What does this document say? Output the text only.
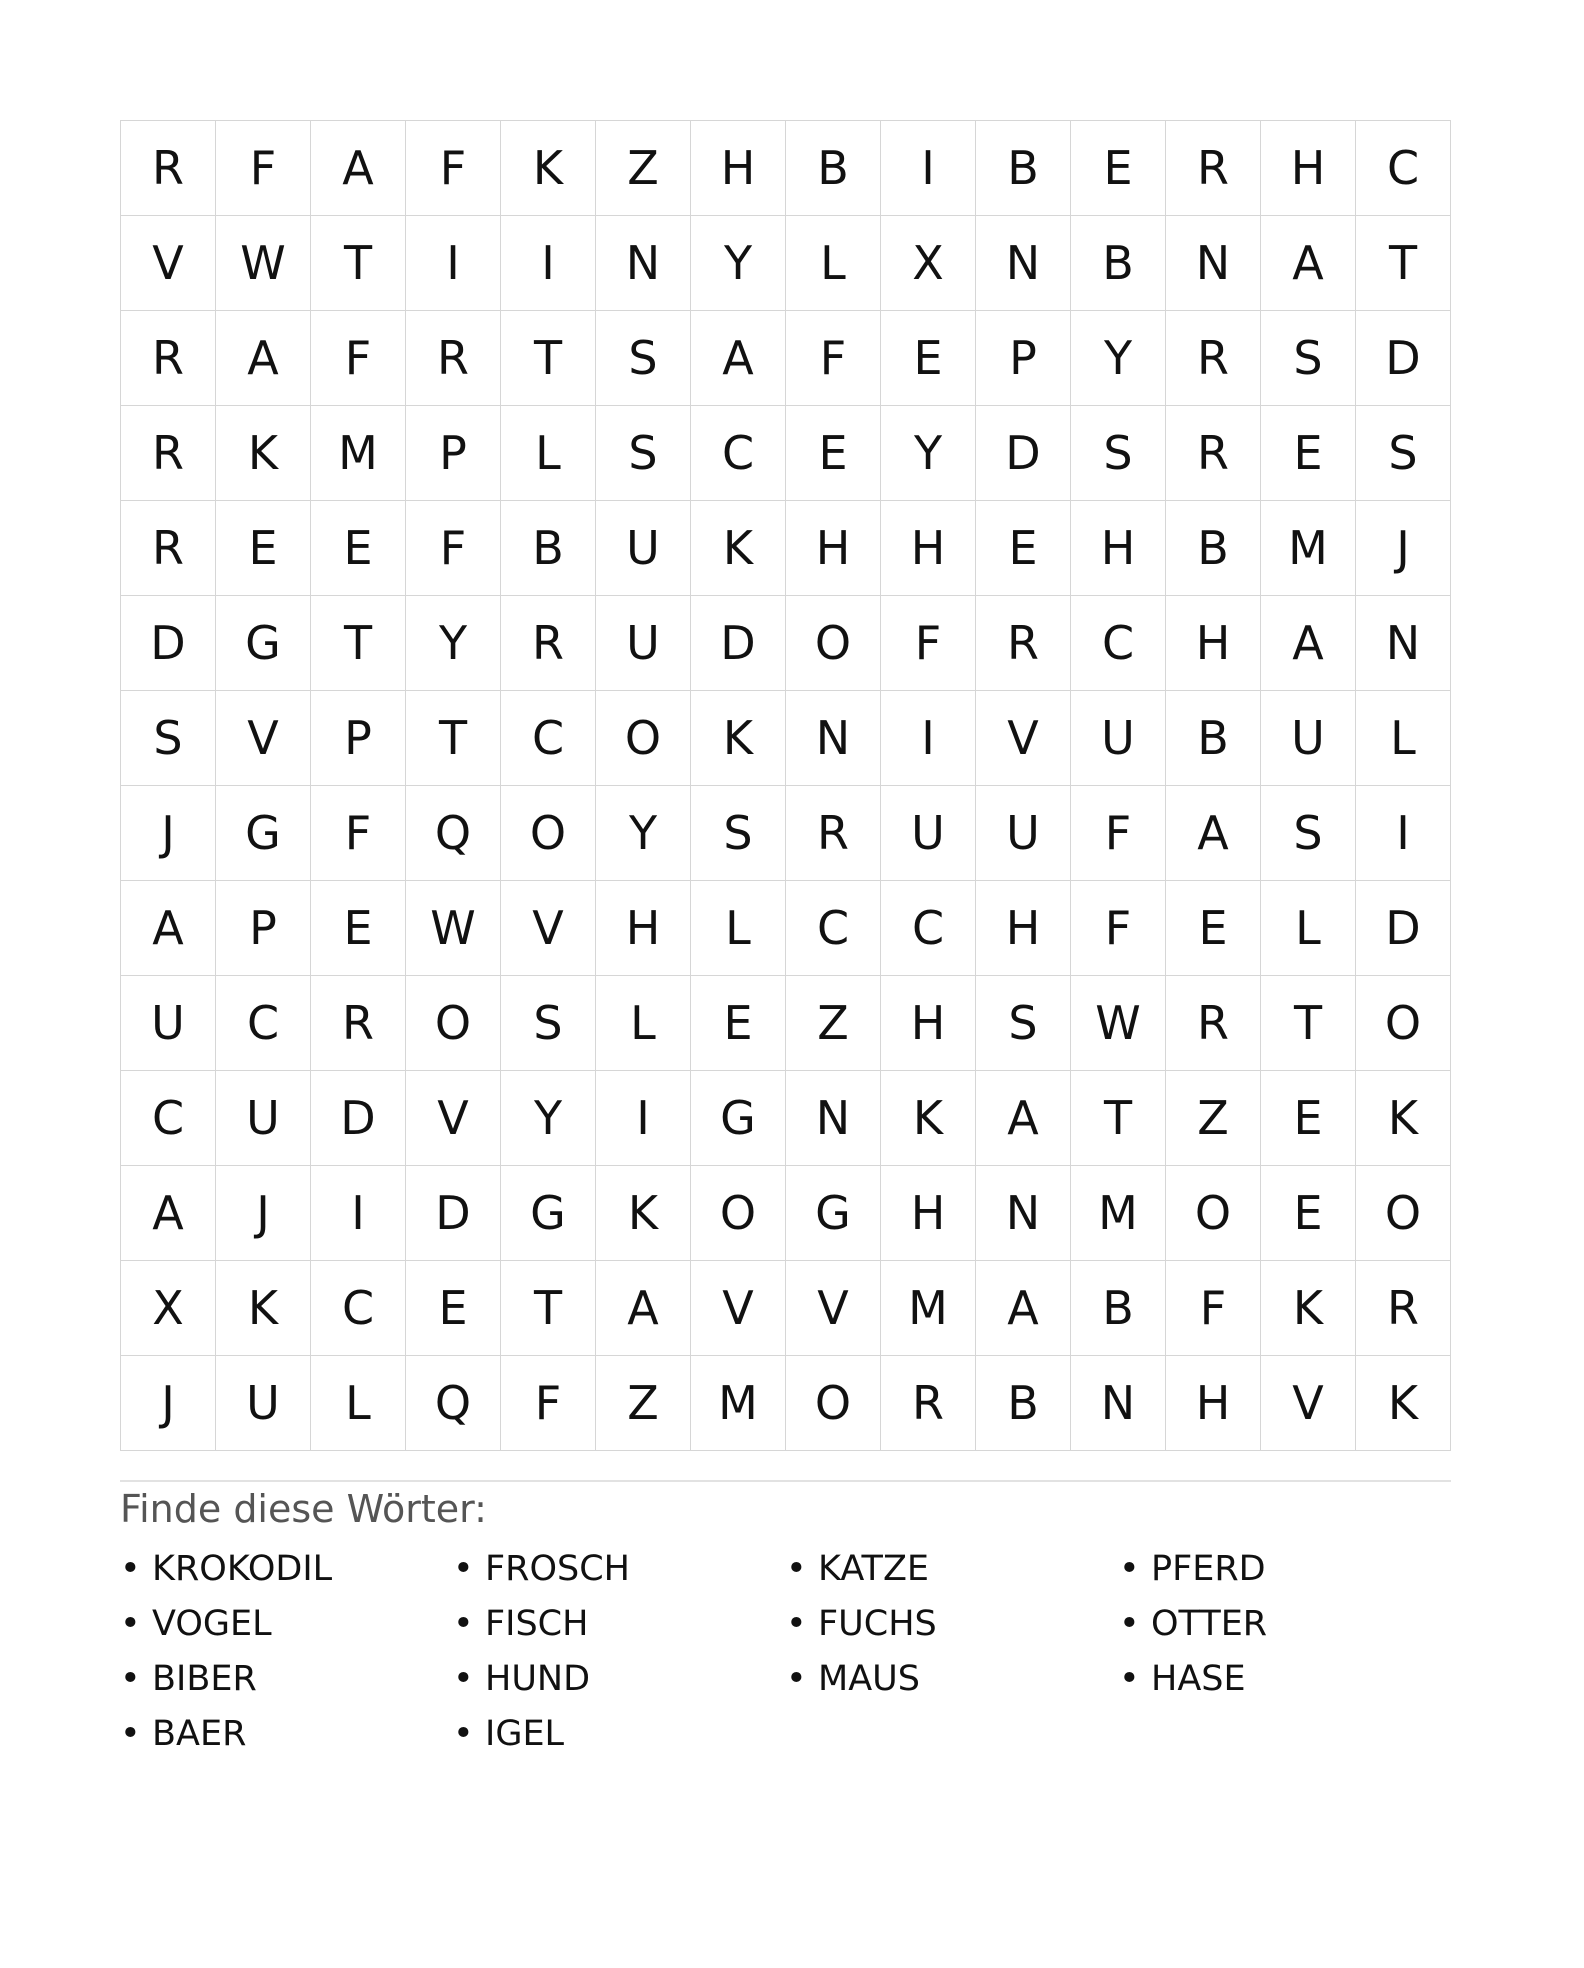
R	F	A	F	K	Z	H	B	I	B	E	R	H	C
V	W	T	I	I	N	Y	L	X	N	B	N	A	T
R	A	F	R	T	S	A	F	E	P	Y	R	S	D
R	K	M	P	L	S	C	E	Y	D	S	R	E	S
R	E	E	F	B	U	K	H	H	E	H	B	M	J
D	G	T	Y	R	U	D	O	F	R	C	H	A	N
S	V	P	T	C	O	K	N	I	V	U	B	U	L
J	G	F	Q	O	Y	S	R	U	U	F	A	S	I
A	P	E	W	V	H	L	C	C	H	F	E	L	D
U	C	R	O	S	L	E	Z	H	S	W	R	T	O
C	U	D	V	Y	I	G	N	K	A	T	Z	E	K
A	J	I	D	G	K	O	G	H	N	M	O	E	O
X	K	C	E	T	A	V	V	M	A	B	F	K	R
J	U	L	Q	F	Z	M	O	R	B	N	H	V	K
Finde diese Wörter:
• KROKODIL	• FROSCH	• KATZE	• PFERD
• VOGEL	• FISCH	• FUCHS	• OTTER
• BIBER	• HUND	• MAUS	• HASE
• BAER	• IGEL
